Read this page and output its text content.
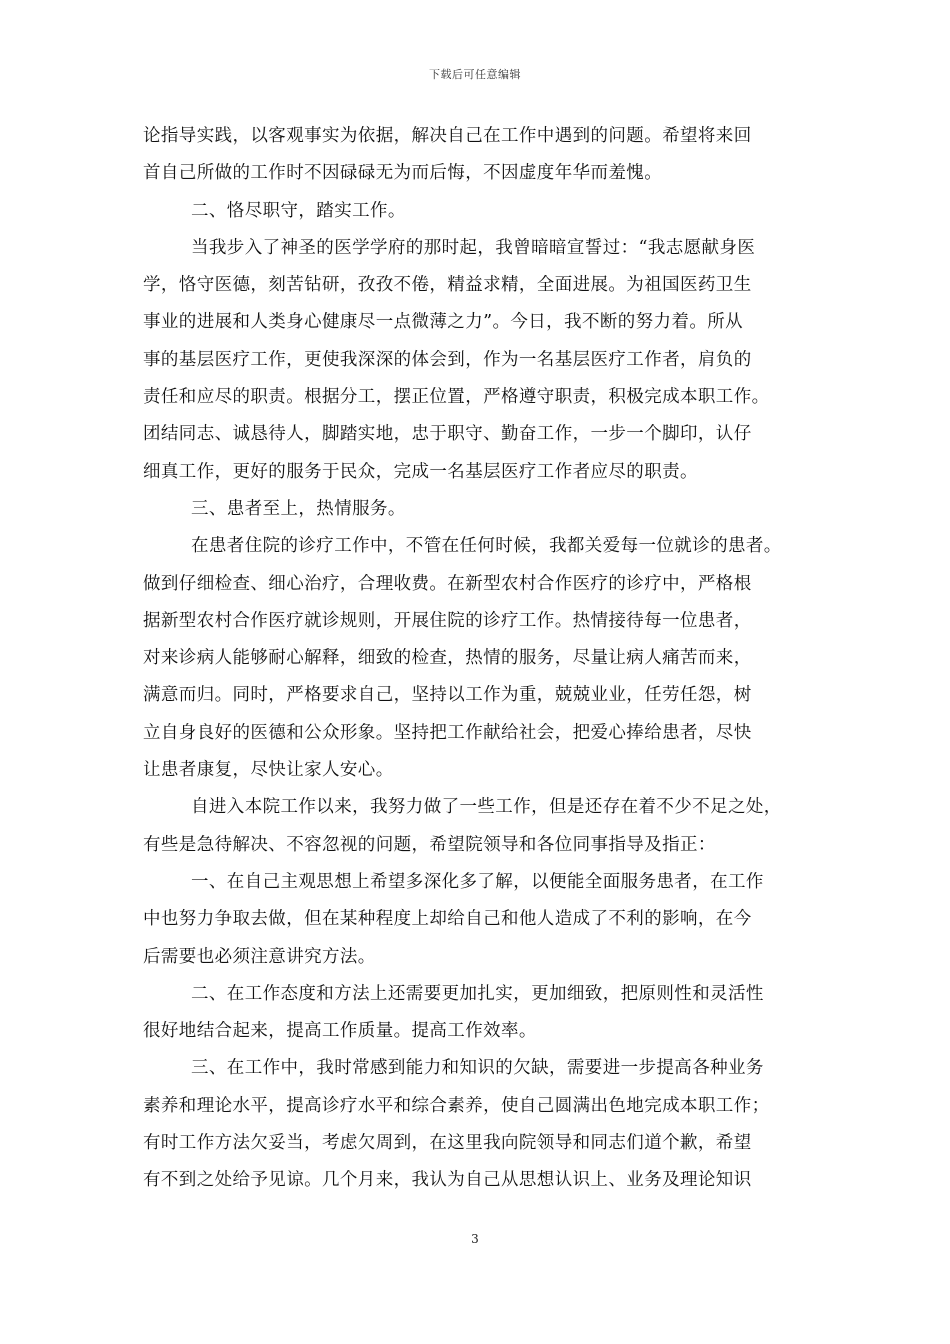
下载后可任意编辑
论指导实践，以客观事实为依据，解决自己在工作中遇到的问题。希望将来回
首自己所做的工作时不因碌碌无为而后悔，不因虚度年华而羞愧。
二、恪尽职守，踏实工作。
当我步入了神圣的医学学府的那时起，我曾暗暗宣誓过：“我志愿献身医
学，恪守医德，刻苦钻研，孜孜不倦，精益求精，全面进展。为祖国医药卫生
事业的进展和人类身心健康尽一点微薄之力”。今日，我不断的努力着。所从
事的基层医疗工作，更使我深深的体会到，作为一名基层医疗工作者，肩负的
责任和应尽的职责。根据分工，摆正位置，严格遵守职责，积极完成本职工作。
团结同志、诚恳待人，脚踏实地，忠于职守、勤奋工作，一步一个脚印，认仔
细真工作，更好的服务于民众，完成一名基层医疗工作者应尽的职责。
三、患者至上，热情服务。
在患者住院的诊疗工作中，不管在任何时候，我都关爱每一位就诊的患者。
做到仔细检查、细心治疗，合理收费。在新型农村合作医疗的诊疗中，严格根
据新型农村合作医疗就诊规则，开展住院的诊疗工作。热情接待每一位患者，
对来诊病人能够耐心解释，细致的检查，热情的服务，尽量让病人痛苦而来，
满意而归。同时，严格要求自己，坚持以工作为重，兢兢业业，任劳任怨，树
立自身良好的医德和公众形象。坚持把工作献给社会，把爱心捧给患者，尽快
让患者康复，尽快让家人安心。
自进入本院工作以来，我努力做了一些工作，但是还存在着不少不足之处，
有些是急待解决、不容忽视的问题，希望院领导和各位同事指导及指正：
一、在自己主观思想上希望多深化多了解，以便能全面服务患者，在工作
中也努力争取去做，但在某种程度上却给自己和他人造成了不利的影响，在今
后需要也必须注意讲究方法。
二、在工作态度和方法上还需要更加扎实，更加细致，把原则性和灵活性
很好地结合起来，提高工作质量。提高工作效率。
三、在工作中，我时常感到能力和知识的欠缺，需要进一步提高各种业务
素养和理论水平，提高诊疗水平和综合素养，使自己圆满出色地完成本职工作；
有时工作方法欠妥当，考虑欠周到，在这里我向院领导和同志们道个歉，希望
有不到之处给予见谅。几个月来，我认为自己从思想认识上、业务及理论知识
3
